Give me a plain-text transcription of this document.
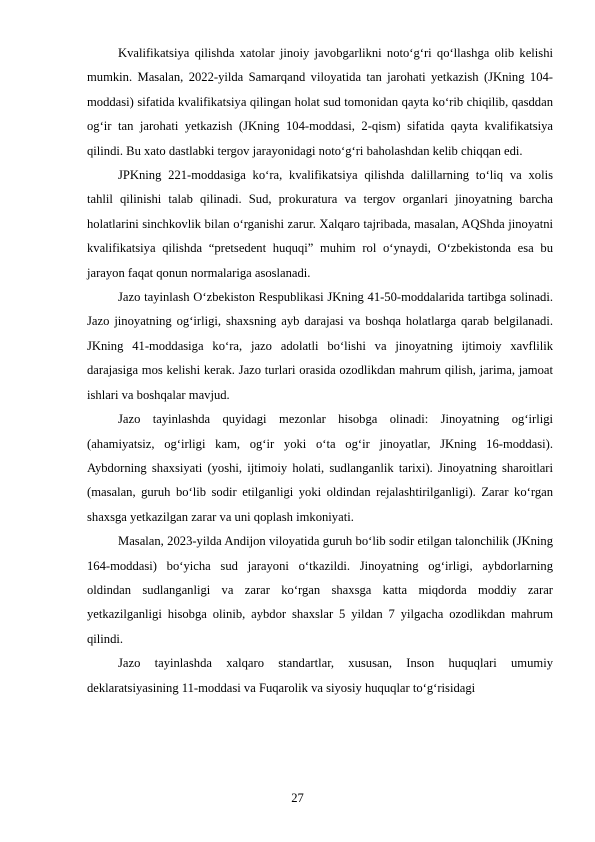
Kvalifikatsiya qilishda xatolar jinoiy javobgarlikni noto‘g‘ri qo‘llashga olib kelishi mumkin. Masalan, 2022-yilda Samarqand viloyatida tan jarohati yetkazish (JKning 104-moddasi) sifatida kvalifikatsiya qilingan holat sud tomonidan qayta ko‘rib chiqilib, qasddan og‘ir tan jarohati yetkazish (JKning 104-moddasi, 2-qism) sifatida qayta kvalifikatsiya qilindi. Bu xato dastlabki tergov jarayonidagi noto‘g‘ri baholashdan kelib chiqqan edi.

JPKning 221-moddasiga ko‘ra, kvalifikatsiya qilishda dalillarning to‘liq va xolis tahlil qilinishi talab qilinadi. Sud, prokuratura va tergov organlari jinoyatning barcha holatlarini sinchkovlik bilan o‘rganishi zarur. Xalqaro tajribada, masalan, AQShda jinoyatni kvalifikatsiya qilishda “pretsedent huquqi” muhim rol o‘ynaydi, O‘zbekistonda esa bu jarayon faqat qonun normalariga asoslanadi.

Jazo tayinlash O‘zbekiston Respublikasi JKning 41-50-moddalarida tartibga solinadi. Jazo jinoyatning og‘irligi, shaxsning ayb darajasi va boshqa holatlarga qarab belgilanadi. JKning 41-moddasiga ko‘ra, jazo adolatli bo‘lishi va jinoyatning ijtimoiy xavflilik darajasiga mos kelishi kerak. Jazo turlari orasida ozodlikdan mahrum qilish, jarima, jamoat ishlari va boshqalar mavjud.

Jazo tayinlashda quyidagi mezonlar hisobga olinadi: Jinoyatning og‘irligi (ahamiyatsiz, og‘irligi kam, og‘ir yoki o‘ta og‘ir jinoyatlar, JKning 16-moddasi). Aybdorning shaxsiyati (yoshi, ijtimoiy holati, sudlanganlik tarixi). Jinoyatning sharoitlari (masalan, guruh bo‘lib sodir etilganligi yoki oldindan rejalashtirilganligi). Zarar ko‘rgan shaxsga yetkazilgan zarar va uni qoplash imkoniyati.

Masalan, 2023-yilda Andijon viloyatida guruh bo‘lib sodir etilgan talonchilik (JKning 164-moddasi) bo‘yicha sud jarayoni o‘tkazildi. Jinoyatning og‘irligi, aybdorlarning oldindan sudlanganligi va zarar ko‘rgan shaxsga katta miqdorda moddiy zarar yetkazilganligi hisobga olinib, aybdor shaxslar 5 yildan 7 yilgacha ozodlikdan mahrum qilindi.

Jazo tayinlashda xalqaro standartlar, xususan, Inson huquqlari umumiy deklaratsiyasining 11-moddasi va Fuqarolik va siyosiy huquqlar to‘g‘risidagi

27
